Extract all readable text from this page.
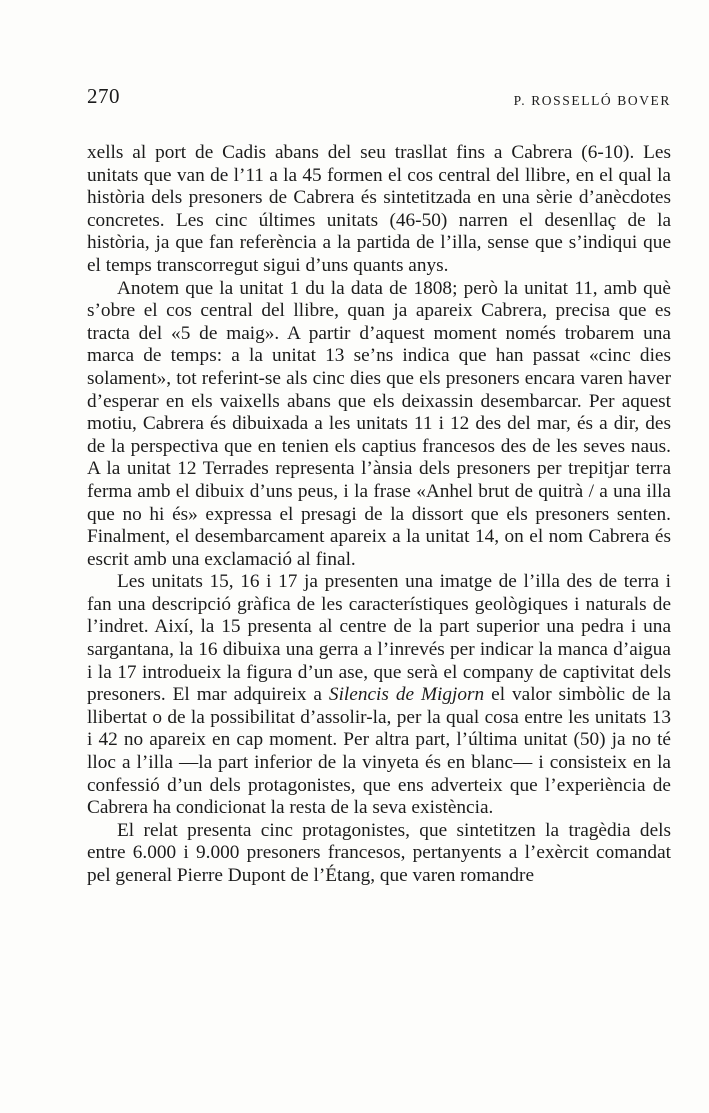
270	P. ROSSELLÓ BOVER

xells al port de Cadis abans del seu trasllat fins a Cabrera (6-10). Les unitats que van de l’11 a la 45 formen el cos central del llibre, en el qual la història dels presoners de Cabrera és sintetitzada en una sèrie d’anècdotes concretes. Les cinc últimes unitats (46-50) narren el desenllaç de la història, ja que fan referència a la partida de l’illa, sense que s’indiqui que el temps transcorregut sigui d’uns quants anys.

Anotem que la unitat 1 du la data de 1808; però la unitat 11, amb què s’obre el cos central del llibre, quan ja apareix Cabrera, precisa que es tracta del «5 de maig». A partir d’aquest moment només trobarem una marca de temps: a la unitat 13 se’ns indica que han passat «cinc dies solament», tot referint-se als cinc dies que els presoners encara varen haver d’esperar en els vaixells abans que els deixassin desembarcar. Per aquest motiu, Cabrera és dibuixada a les unitats 11 i 12 des del mar, és a dir, des de la perspectiva que en tenien els captius francesos des de les seves naus. A la unitat 12 Terrades representa l’ànsia dels presoners per trepitjar terra ferma amb el dibuix d’uns peus, i la frase «Anhel brut de quitrà / a una illa que no hi és» expressa el presagi de la dissort que els presoners senten. Finalment, el desembarcament apareix a la unitat 14, on el nom Cabrera és escrit amb una exclamació al final.

Les unitats 15, 16 i 17 ja presenten una imatge de l’illa des de terra i fan una descripció gràfica de les característiques geològiques i naturals de l’indret. Així, la 15 presenta al centre de la part superior una pedra i una sargantana, la 16 dibuixa una gerra a l’inrevés per indicar la manca d’aigua i la 17 introdueix la figura d’un ase, que serà el company de captivitat dels presoners. El mar adquireix a Silencis de Migjorn el valor simbòlic de la llibertat o de la possibilitat d’assolir-la, per la qual cosa entre les unitats 13 i 42 no apareix en cap moment. Per altra part, l’última unitat (50) ja no té lloc a l’illa —la part inferior de la vinyeta és en blanc— i consisteix en la confessió d’un dels protagonistes, que ens adverteix que l’experiència de Cabrera ha condicionat la resta de la seva existència.

El relat presenta cinc protagonistes, que sintetitzen la tragèdia dels entre 6.000 i 9.000 presoners francesos, pertanyents a l’exèrcit comandat pel general Pierre Dupont de l’Étang, que varen romandre
